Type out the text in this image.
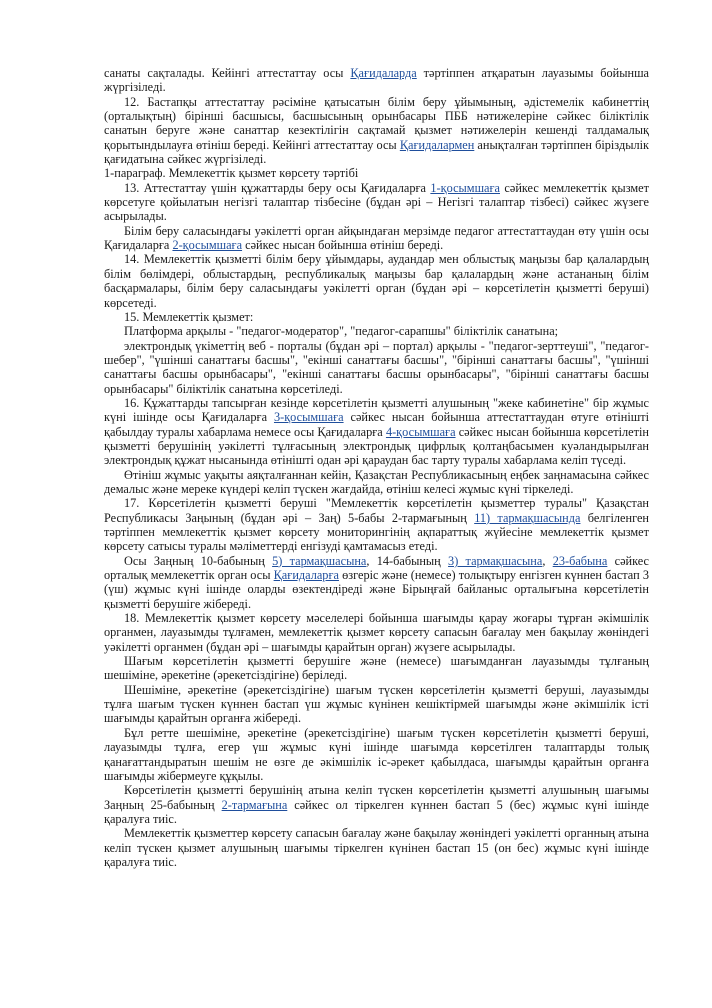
санаты сақталады. Кейінгі аттестаттау осы Қағидаларда тәртіппен атқаратын лауазымы бойынша жүргізіледі.

12. Бастапқы аттестаттау рәсіміне қатысатын білім беру ұйымының, әдістемелік кабинеттің (орталықтың) бірінші басшысы, басшысының орынбасары ПББ нәтижелеріне сәйкес біліктілік санатын беруге және санаттар кезектілігін сақтамай қызмет нәтижелерін кешенді талдамалық қорытындылауға өтініш береді. Кейінгі аттестаттау осы Қағидалармен анықталған тәртіппен біріздылік қағидатына сәйкес жүргізіледі.

1-параграф. Мемлекеттік қызмет көрсету тәртібі

13. Аттестаттау үшін құжаттарды беру осы Қағидаларға 1-қосымшаға сәйкес мемлекеттік қызмет көрсетуге қойылатын негізгі талаптар тізбесіне (бұдан әрі – Негізгі талаптар тізбесі) сәйкес жүзеге асырылады.

Білім беру саласындағы уәкілетті орган айқындаған мерзімде педагог аттестаттаудан өту үшін осы Қағидаларға 2-қосымшаға сәйкес нысан бойынша өтініш береді.

14. Мемлекеттік қызметті білім беру ұйымдары, аудандар мен облыстық маңызы бар қалалардың білім бөлімдері, облыстардың, республикалық маңызы бар қалалардың және астананың білім басқармалары, білім беру саласындағы уәкілетті орган (бұдан әрі – көрсетілетін қызметті беруші) көрсетеді.

15. Мемлекеттік қызмет:

Платформа арқылы - "педагог-модератор", "педагог-сарапшы" біліктілік санатына;

электрондық үкіметтің веб - порталы (бұдан әрі – портал) арқылы - "педагог-зерттеуші", "педагог-шебер", "үшінші санаттағы басшы", "екінші санаттағы басшы", "бірінші санаттағы басшы", "үшінші санаттағы басшы орынбасары", "екінші санаттағы басшы орынбасары", "бірінші санаттағы басшы орынбасары" біліктілік санатына көрсетіледі.

16. Құжаттарды тапсырған кезінде көрсетілетін қызметті алушының "жеке кабинетіне" бір жұмыс күні ішінде осы Қағидаларға 3-қосымшаға сәйкес нысан бойынша аттестаттаудан өтуге өтінішті қабылдау туралы хабарлама немесе осы Қағидаларға 4-қосымшаға сәйкес нысан бойынша көрсетілетін қызметті берушінің уәкілетті тұлғасының электрондық цифрлық қолтаңбасымен куәландырылған электрондық құжат нысанында өтінішті одан әрі қараудан бас тарту туралы хабарлама келіп түседі.

Өтініш жұмыс уақыты аяқталғаннан кейін, Қазақстан Республикасының еңбек заңнамасына сәйкес демалыс және мереке күндері келіп түскен жағдайда, өтініш келесі жұмыс күні тіркеледі.

17. Көрсетілетін қызметті беруші "Мемлекеттік көрсетілетін қызметтер туралы" Қазақстан Республикасы Заңының (бұдан әрі – Заң) 5-бабы 2-тармағының 11) тармақшасында белгіленген тәртіппен мемлекеттік қызмет көрсету мониторингінің ақпараттық жүйесіне мемлекеттік қызмет көрсету сатысы туралы мәліметтерді енгізуді қамтамасыз етеді.

Осы Заңның 10-бабының 5) тармақшасына, 14-бабының 3) тармақшасына, 23-бабына сәйкес орталық мемлекеттік орган осы Қағидаларға өзгеріс және (немесе) толықтыру енгізген күннен бастап 3 (үш) жұмыс күні ішінде оларды өзектендіреді және Бірыңғай байланыс орталығына көрсетілетін қызметті берушіге жібереді.

18. Мемлекеттік қызмет көрсету мәселелері бойынша шағымды қарау жоғары тұрған әкімшілік органмен, лауазымды тұлғамен, мемлекеттік қызмет көрсету сапасын бағалау мен бақылау жөніндегі уәкілетті органмен (бұдан әрі – шағымды қарайтын орган) жүзеге асырылады.

Шағым көрсетілетін қызметті берушіге және (немесе) шағымданған лауазымды тұлғаның шешіміне, әрекетіне (әрекетсіздігіне) беріледі.

Шешіміне, әрекетіне (әрекетсіздігіне) шағым түскен көрсетілетін қызметті беруші, лауазымды тұлға шағым түскен күннен бастап үш жұмыс күнінен кешіктірмей шағымды және әкімшілік істі шағымды қарайтын органға жібереді.

Бұл ретте шешіміне, әрекетіне (әрекетсіздігіне) шағым түскен көрсетілетін қызметті беруші, лауазымды тұлға, егер үш жұмыс күні ішінде шағымда көрсетілген талаптарды толық қанағаттандыратын шешім не өзге де әкімшілік іс-әрекет қабылдаса, шағымды қарайтын органға шағымды жібермеуге құқылы.

Көрсетілетін қызметті берушінің атына келіп түскен көрсетілетін қызметті алушының шағымы Заңның 25-бабының 2-тармағына сәйкес ол тіркелген күннен бастап 5 (бес) жұмыс күні ішінде қаралуға тиіс.

Мемлекеттік қызметтер көрсету сапасын бағалау және бақылау жөніндегі уәкілетті органның атына келіп түскен қызмет алушының шағымы тіркелген күнінен бастап 15 (он бес) жұмыс күні ішінде қаралуға тиіс.
